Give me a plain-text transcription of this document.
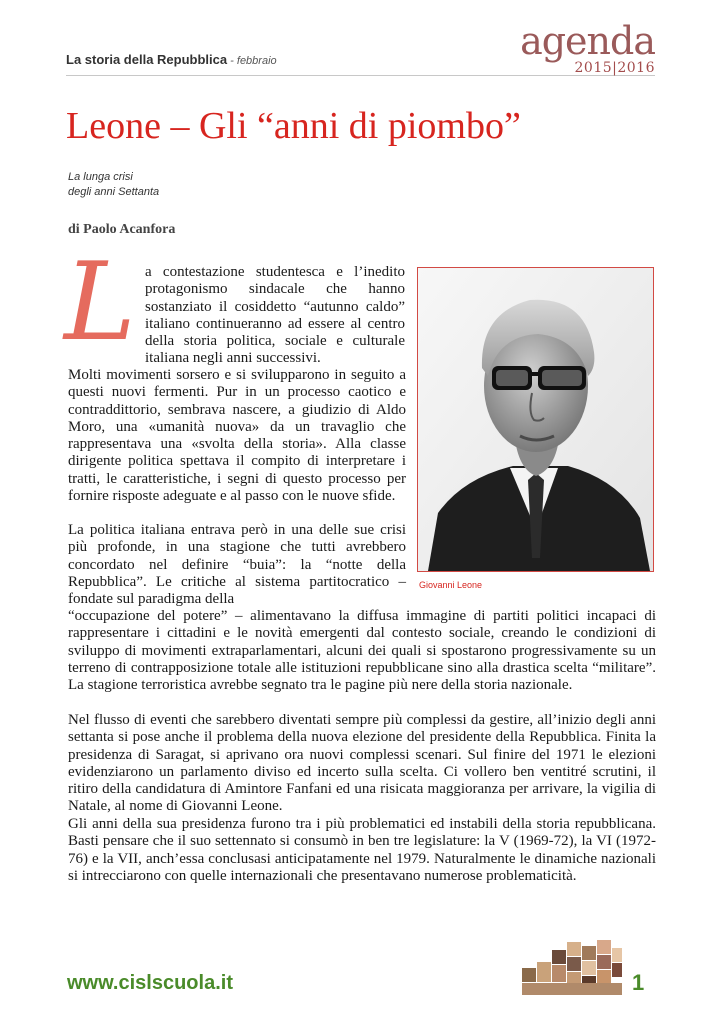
La storia della Repubblica - febbraio	agenda
2015|2016
Leone – Gli “anni di piombo”
La lunga crisi
degli anni Settanta
di Paolo Acanfora
L a contestazione studentesca e l’inedito protagonismo sindacale che hanno sostanziato il cosiddetto “autunno caldo” italiano continueranno ad essere al centro della storia politica, sociale e culturale italiana negli anni successivi.
Molti movimenti sorsero e si svilupparono in seguito a questi nuovi fermenti. Pur in un processo caotico e contraddittorio, sembrava nascere, a giudizio di Aldo Moro, una «umanità nuova» da un travaglio che rappresentava una «svolta della storia». Alla classe dirigente politica spettava il compito di interpretare i tratti, le caratteristiche, i segni di questo processo per fornire risposte adeguate e al passo con le nuove sfide.
Giovanni Leone
La politica italiana entrava però in una delle sue crisi più profonde, in una stagione che tutti avrebbero concordato nel definire “buia”: la “notte della Repubblica”. Le critiche al sistema partitocratico – fondate sul paradigma della
“occupazione del potere” – alimentavano la diffusa immagine di partiti politici incapaci di rappresentare i cittadini e le novità emergenti dal contesto sociale, creando le condizioni di sviluppo di movimenti extraparlamentari, alcuni dei quali si spostarono progressivamente su un terreno di contrapposizione totale alle istituzioni repubblicane sino alla drastica scelta “militare”. La stagione terroristica avrebbe segnato tra le pagine più nere della storia nazionale.
Nel flusso di eventi che sarebbero diventati sempre più complessi da gestire, all’inizio degli anni settanta si pose anche il problema della nuova elezione del presidente della Repubblica. Finita la presidenza di Saragat, si aprivano ora nuovi complessi scenari. Sul finire del 1971 le elezioni evidenziarono un parlamento diviso ed incerto sulla scelta. Ci vollero ben ventitré scrutini, il ritiro della candidatura di Amintore Fanfani ed una risicata maggioranza per arrivare, la vigilia di Natale, al nome di Giovanni Leone.
Gli anni della sua presidenza furono tra i più problematici ed instabili della storia repubblicana. Basti pensare che il suo settennato si consumò in ben tre legislature: la V (1969-72), la VI (1972-76) e la VII, anch’essa conclusasi anticipatamente nel 1979. Naturalmente le dinamiche nazionali si intrecciarono con quelle internazionali che presentavano numerose problematicità.
www.cislscuola.it	1
